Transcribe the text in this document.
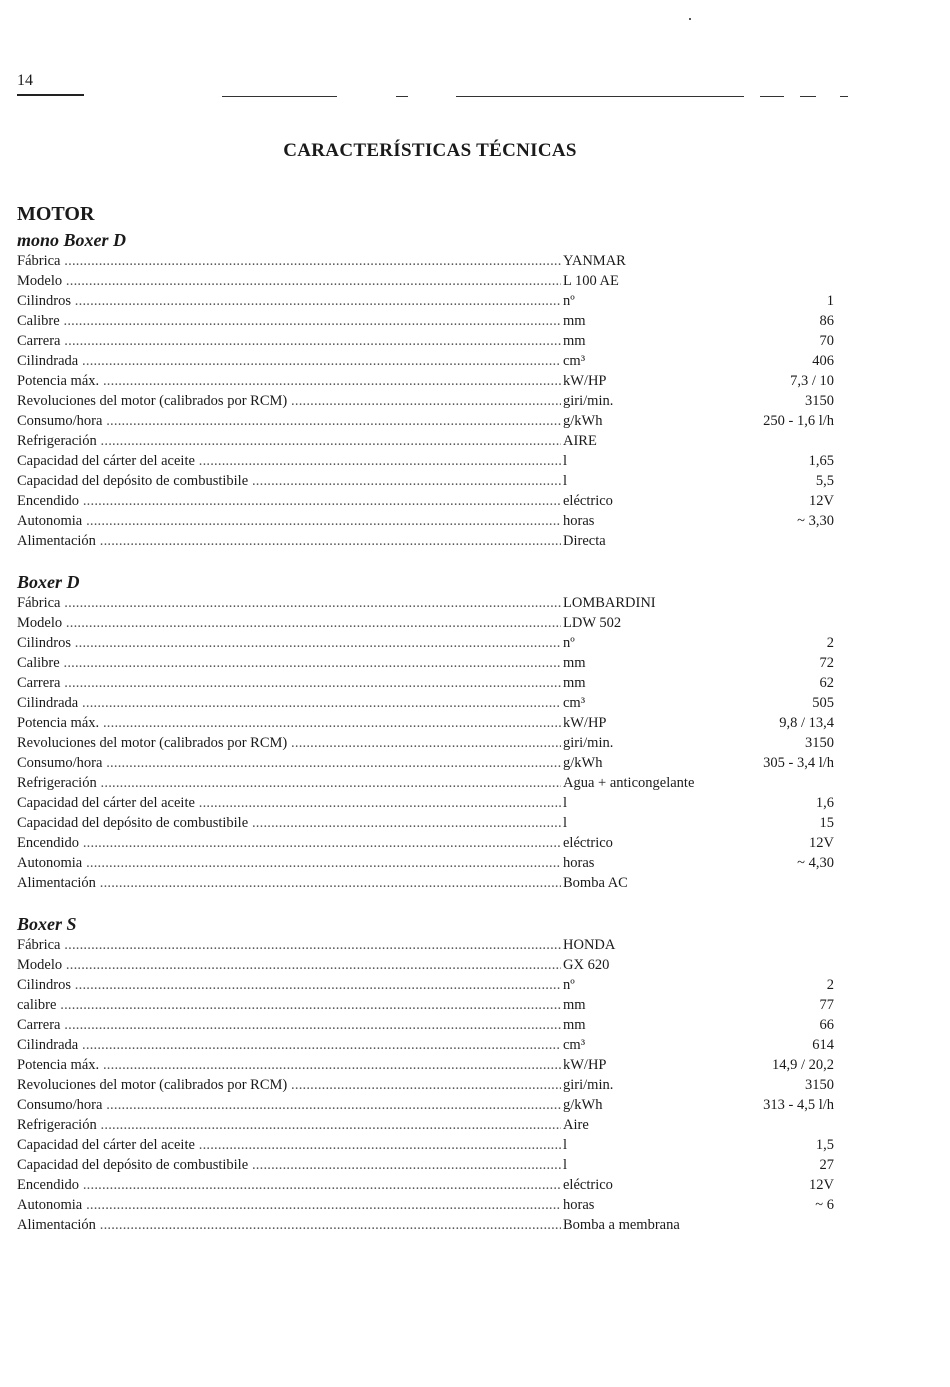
14
CARACTERÍSTICAS TÉCNICAS
MOTOR
mono Boxer D
Fábrica .....	YANMAR
Modelo .....	L 100 AE
Cilindros .....	nº	1
Calibre .....	mm	86
Carrera .....	mm	70
Cilindrada .....	cm³	406
Potencia máx. .....	kW/HP	7,3 / 10
Revoluciones del motor (calibrados por RCM) .....	giri/min.	3150
Consumo/hora .....	g/kWh	250 - 1,6 l/h
Refrigeración .....	AIRE
Capacidad del cárter del aceite .....	l	1,65
Capacidad del depósito de combustibile .....	l	5,5
Encendido .....	eléctrico	12V
Autonomia .....	horas	~ 3,30
Alimentación .....	Directa
Boxer D
Fábrica .....	LOMBARDINI
Modelo .....	LDW 502
Cilindros .....	nº	2
Calibre .....	mm	72
Carrera .....	mm	62
Cilindrada .....	cm³	505
Potencia máx. .....	kW/HP	9,8 / 13,4
Revoluciones del motor (calibrados por RCM) .....	giri/min.	3150
Consumo/hora .....	g/kWh	305 - 3,4 l/h
Refrigeración .....	Agua + anticongelante
Capacidad del cárter del aceite .....	l	1,6
Capacidad del depósito de combustibile .....	l	15
Encendido .....	eléctrico	12V
Autonomia .....	horas	~ 4,30
Alimentación .....	Bomba AC
Boxer S
Fábrica .....	HONDA
Modelo .....	GX 620
Cilindros .....	nº	2
calibre .....	mm	77
Carrera .....	mm	66
Cilindrada .....	cm³	614
Potencia máx. .....	kW/HP	14,9 / 20,2
Revoluciones del motor (calibrados por RCM) .....	giri/min.	3150
Consumo/hora .....	g/kWh	313 - 4,5 l/h
Refrigeración .....	Aire
Capacidad del cárter del aceite .....	l	1,5
Capacidad del depósito de combustibile .....	l	27
Encendido .....	eléctrico	12V
Autonomia .....	horas	~ 6
Alimentación .....	Bomba a membrana
